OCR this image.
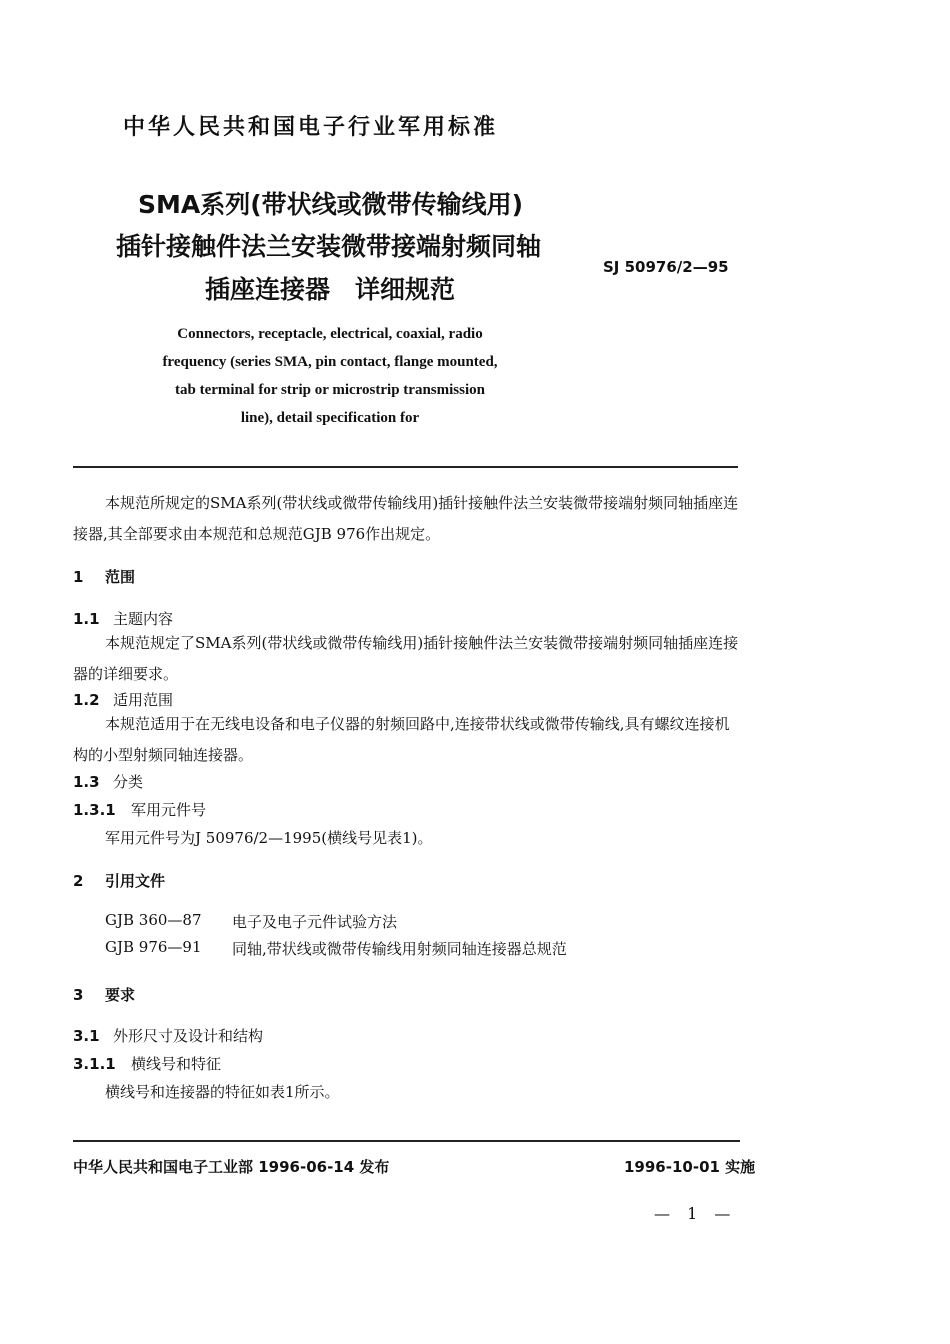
中华人民共和国电子行业军用标准
SMA系列(带状线或微带传输线用)
插针接触件法兰安装微带接端射频同轴
插座连接器　详细规范
SJ 50976/2—95
Connectors, receptacle, electrical, coaxial, radio frequency (series SMA, pin contact, flange mounted, tab terminal for strip or microstrip transmission line), detail specification for
本规范所规定的SMA系列(带状线或微带传输线用)插针接触件法兰安装微带接端射频同轴插座连接器,其全部要求由本规范和总规范GJB 976作出规定。
1 范围
1.1 主题内容
本规范规定了SMA系列(带状线或微带传输线用)插针接触件法兰安装微带接端射频同轴插座连接器的详细要求。
1.2 适用范围
本规范适用于在无线电设备和电子仪器的射频回路中,连接带状线或微带传输线,具有螺纹连接机构的小型射频同轴连接器。
1.3 分类
1.3.1 军用元件号
军用元件号为J 50976/2—1995(横线号见表1)。
2 引用文件
GJB 360—87 电子及电子元件试验方法
GJB 976—91 同轴,带状线或微带传输线用射频同轴连接器总规范
3 要求
3.1 外形尺寸及设计和结构
3.1.1 横线号和特征
横线号和连接器的特征如表1所示。
中华人民共和国电子工业部 1996-06-14 发布	1996-10-01 实施
— 1 —
